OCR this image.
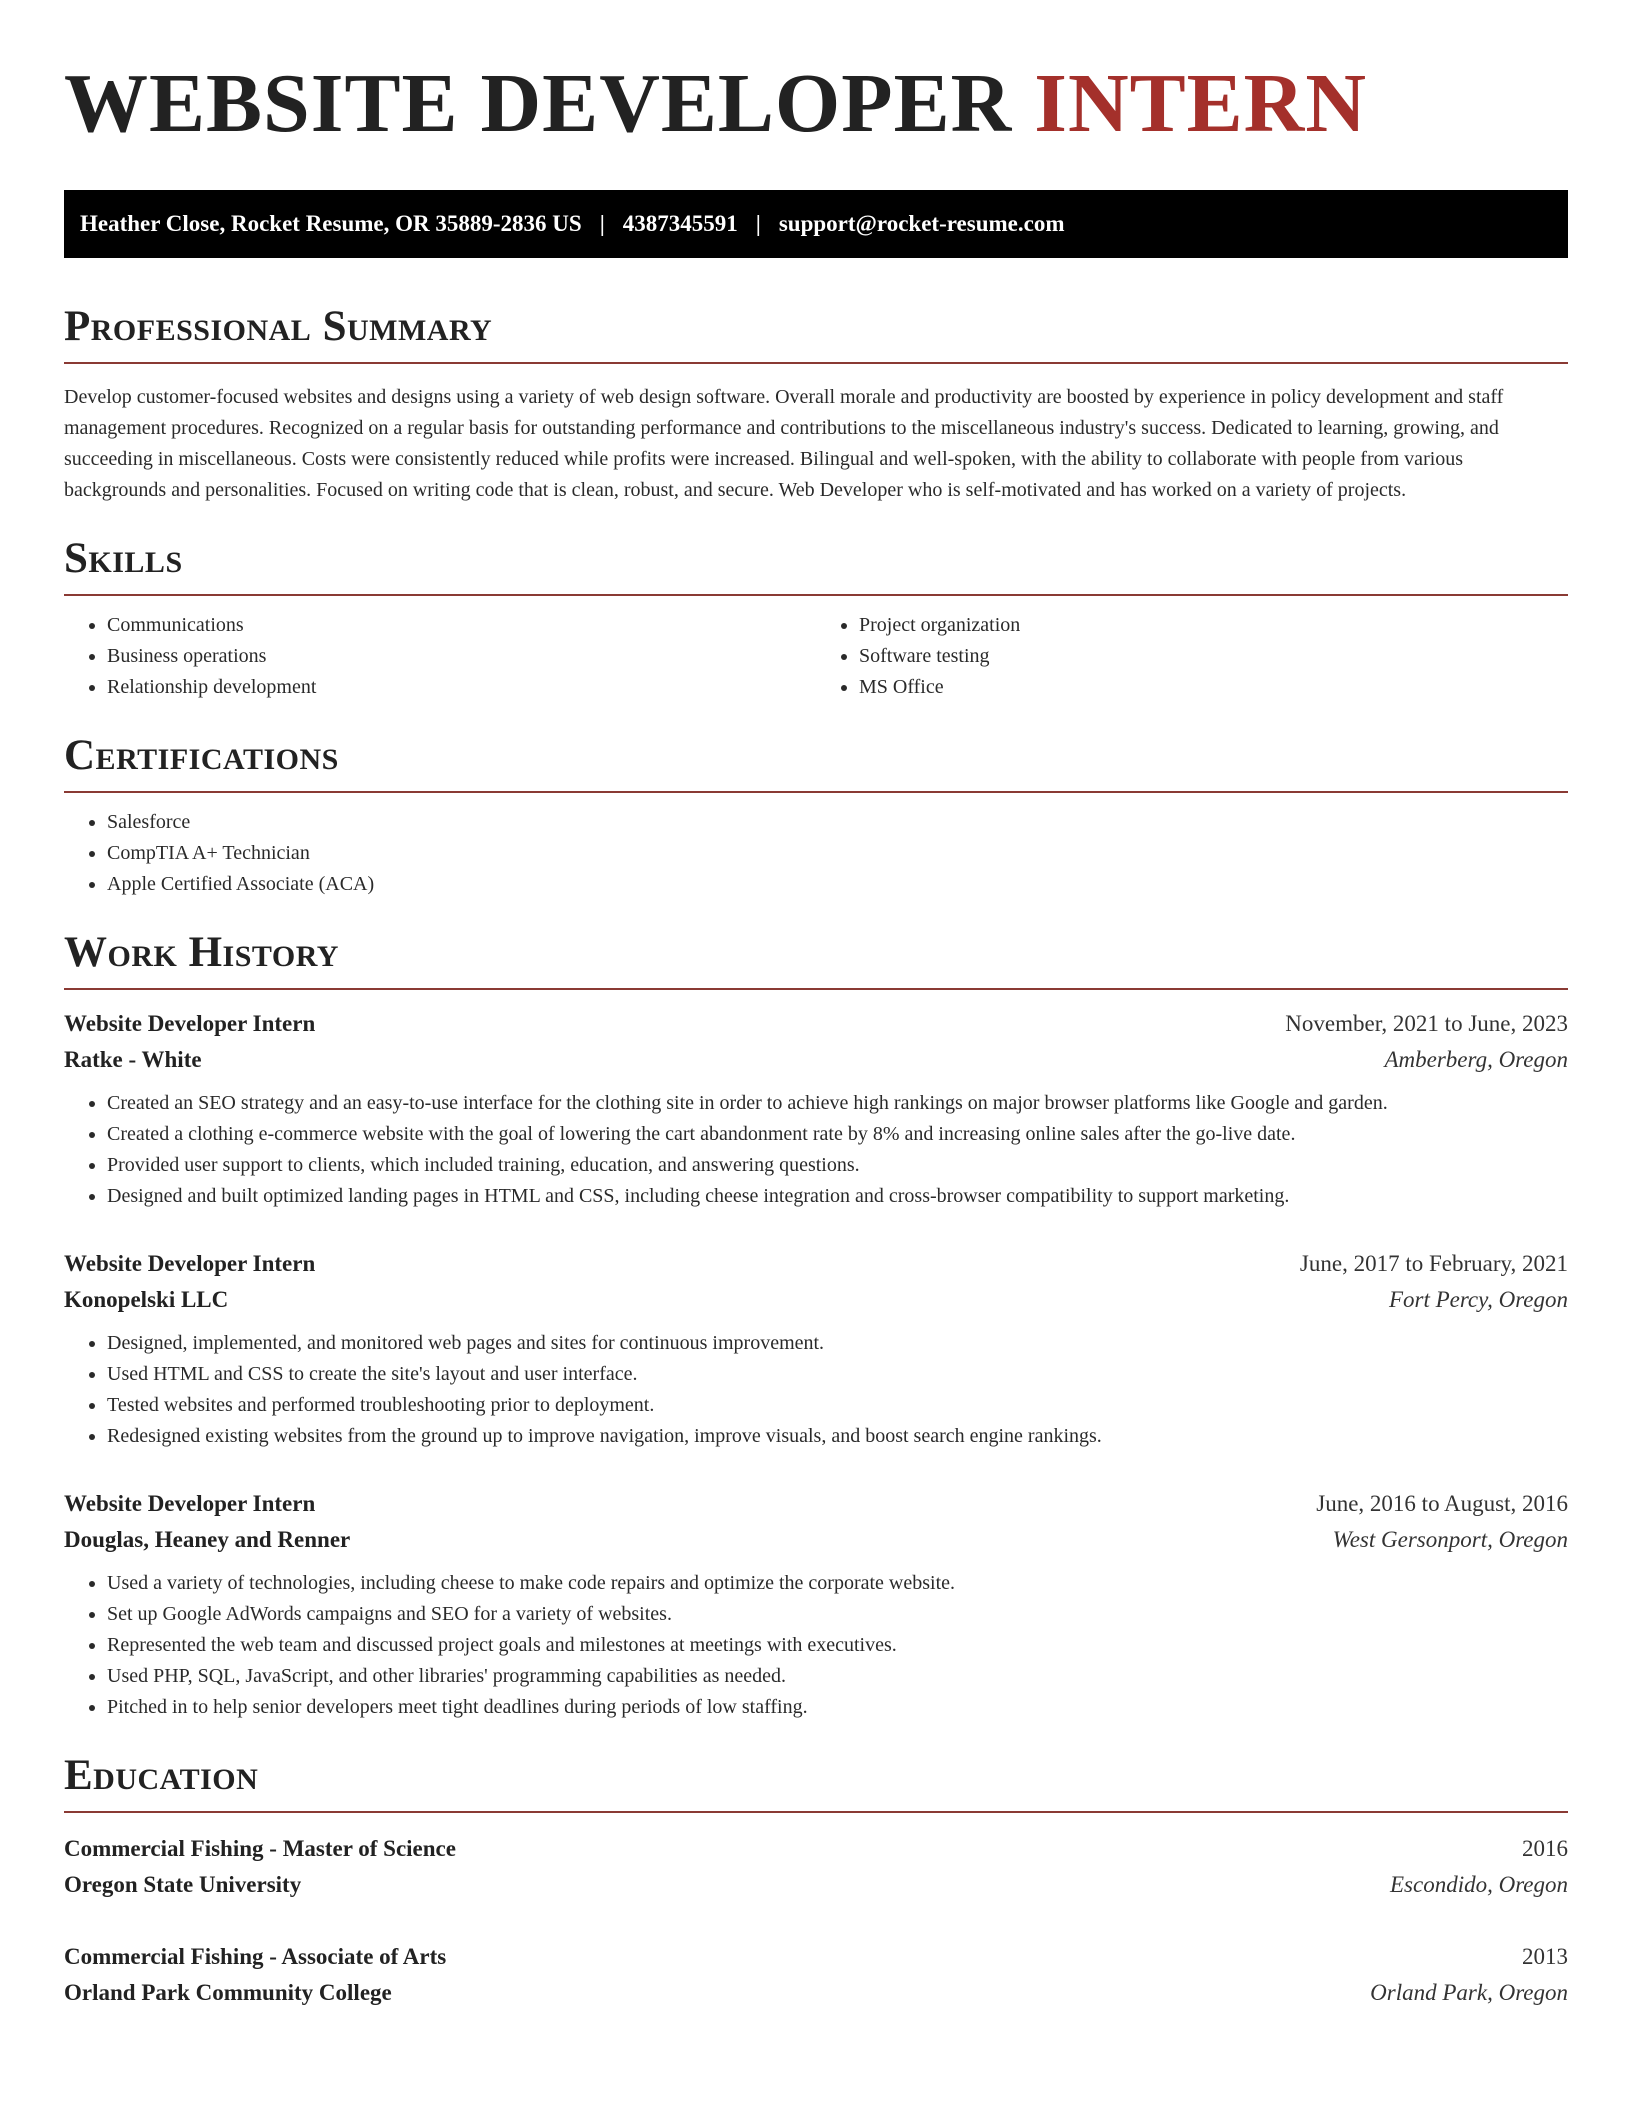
WEBSITE DEVELOPER INTERN
Heather Close, Rocket Resume, OR 35889-2836 US | 4387345591 | support@rocket-resume.com
Professional Summary

Develop customer-focused websites and designs using a variety of web design software. Overall morale and productivity are boosted by experience in policy development and staff management procedures. Recognized on a regular basis for outstanding performance and contributions to the miscellaneous industry's success. Dedicated to learning, growing, and succeeding in miscellaneous. Costs were consistently reduced while profits were increased. Bilingual and well-spoken, with the ability to collaborate with people from various backgrounds and personalities. Focused on writing code that is clean, robust, and secure. Web Developer who is self-motivated and has worked on a variety of projects.

Skills
• Communications
• Business operations
• Relationship development
• Project organization
• Software testing
• MS Office
Certifications
• Salesforce
• CompTIA A+ Technician
• Apple Certified Associate (ACA)
Work History
Website Developer Intern	November, 2021 to June, 2023
Ratke - White	Amberberg, Oregon
• Created an SEO strategy and an easy-to-use interface for the clothing site in order to achieve high rankings on major browser platforms like Google and garden.
• Created a clothing e-commerce website with the goal of lowering the cart abandonment rate by 8% and increasing online sales after the go-live date.
• Provided user support to clients, which included training, education, and answering questions.
• Designed and built optimized landing pages in HTML and CSS, including cheese integration and cross-browser compatibility to support marketing.
Website Developer Intern	June, 2017 to February, 2021
Konopelski LLC	Fort Percy, Oregon
• Designed, implemented, and monitored web pages and sites for continuous improvement.
• Used HTML and CSS to create the site's layout and user interface.
• Tested websites and performed troubleshooting prior to deployment.
• Redesigned existing websites from the ground up to improve navigation, improve visuals, and boost search engine rankings.
Website Developer Intern	June, 2016 to August, 2016
Douglas, Heaney and Renner	West Gersonport, Oregon
• Used a variety of technologies, including cheese to make code repairs and optimize the corporate website.
• Set up Google AdWords campaigns and SEO for a variety of websites.
• Represented the web team and discussed project goals and milestones at meetings with executives.
• Used PHP, SQL, JavaScript, and other libraries' programming capabilities as needed.
• Pitched in to help senior developers meet tight deadlines during periods of low staffing.
Education
Commercial Fishing - Master of Science	2016
Oregon State University	Escondido, Oregon
Commercial Fishing - Associate of Arts	2013
Orland Park Community College	Orland Park, Oregon
